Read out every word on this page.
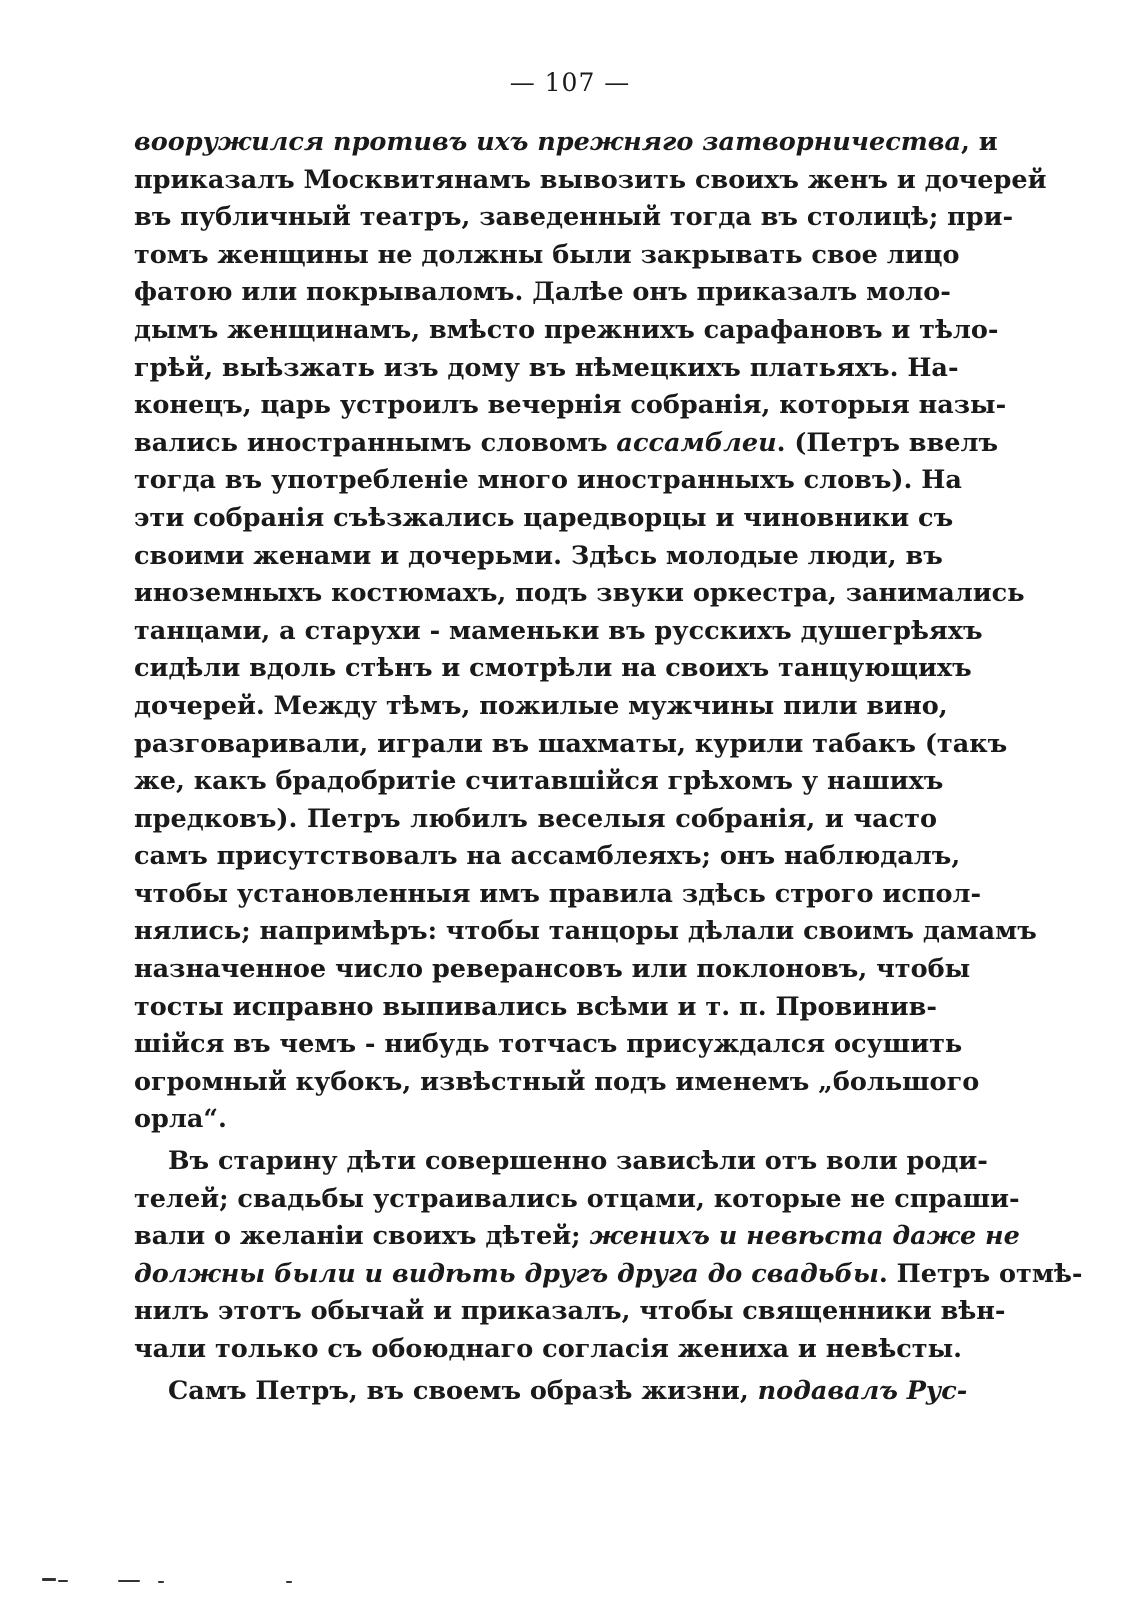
— 107 —
вооружился противъ ихъ прежняго затворничества, и
приказалъ Москвитянамъ вывозить своихъ женъ и дочерей
въ публичный театръ, заведенный тогда въ столицѣ; при-
томъ женщины не должны были закрывать свое лицо
фатою или покрываломъ. Далѣе онъ приказалъ моло-
дымъ женщинамъ, вмѣсто прежнихъ сарафановъ и тѣло-
грѣй, выѣзжать изъ дому въ нѣмецкихъ платьяхъ. На-
конецъ, царь устроилъ вечернія собранія, которыя назы-
вались иностраннымъ словомъ ассамблеи. (Петръ ввелъ
тогда въ употребленіе много иностранныхъ словъ). На
эти собранія съѣзжались царедворцы и чиновники съ
своими женами и дочерьми. Здѣсь молодые люди, въ
иноземныхъ костюмахъ, подъ звуки оркестра, занимались
танцами, а старухи - маменьки въ русскихъ душегрѣяхъ
сидѣли вдоль стѣнъ и смотрѣли на своихъ танцующихъ
дочерей. Между тѣмъ, пожилые мужчины пили вино,
разговаривали, играли въ шахматы, курили табакъ (такъ
же, какъ брадобритіе считавшійся грѣхомъ у нашихъ
предковъ). Петръ любилъ веселыя собранія, и часто
самъ присутствовалъ на ассамблеяхъ; онъ наблюдалъ,
чтобы установленныя имъ правила здѣсь строго испол-
нялись; напримѣръ: чтобы танцоры дѣлали своимъ дамамъ
назначенное число реверансовъ или поклоновъ, чтобы
тосты исправно выпивались всѣми и т. п. Провинив-
шійся въ чемъ - нибудь тотчасъ присуждался осушить
огромный кубокъ, извѣстный подъ именемъ „большого
орла“.
Въ старину дѣти совершенно зависѣли отъ воли роди-
телей; свадьбы устраивались отцами, которые не спраши-
вали о желаніи своихъ дѣтей; женихъ и невѣста даже не
должны были и видѣть другъ друга до свадьбы. Петръ отмѣ-
нилъ этотъ обычай и приказалъ, чтобы священники вѣн-
чали только съ обоюднаго согласія жениха и невѣсты.
Самъ Петръ, въ своемъ образѣ жизни, подавалъ Рус-
